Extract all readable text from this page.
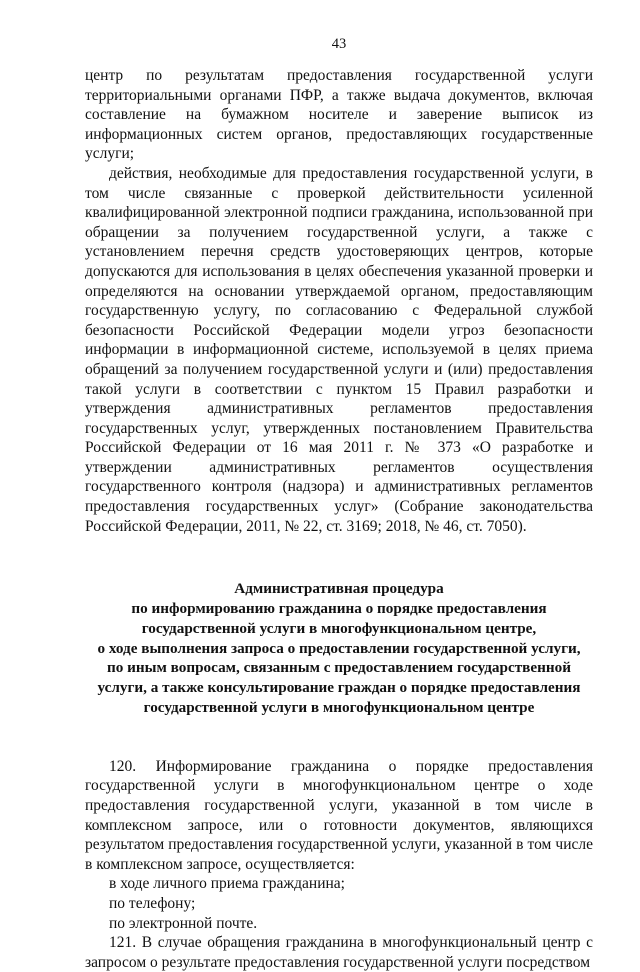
43

центр по результатам предоставления государственной услуги территориальными органами ПФР, а также выдача документов, включая составление на бумажном носителе и заверение выписок из информационных систем органов, предоставляющих государственные услуги;

действия, необходимые для предоставления государственной услуги, в том числе связанные с проверкой действительности усиленной квалифицированной электронной подписи гражданина, использованной при обращении за получением государственной услуги, а также с установлением перечня средств удостоверяющих центров, которые допускаются для использования в целях обеспечения указанной проверки и определяются на основании утверждаемой органом, предоставляющим государственную услугу, по согласованию с Федеральной службой безопасности Российской Федерации модели угроз безопасности информации в информационной системе, используемой в целях приема обращений за получением государственной услуги и (или) предоставления такой услуги в соответствии с пунктом 15 Правил разработки и утверждения административных регламентов предоставления государственных услуг, утвержденных постановлением Правительства Российской Федерации от 16 мая 2011 г. № 373 «О разработке и утверждении административных регламентов осуществления государственного контроля (надзора) и административных регламентов предоставления государственных услуг» (Собрание законодательства Российской Федерации, 2011, № 22, ст. 3169; 2018, № 46, ст. 7050).

Административная процедура

по информированию гражданина о порядке предоставления

государственной услуги в многофункциональном центре,

о ходе выполнения запроса о предоставлении государственной услуги,

по иным вопросам, связанным с предоставлением государственной

услуги, а также консультирование граждан о порядке предоставления

государственной услуги в многофункциональном центре

120. Информирование гражданина о порядке предоставления государственной услуги в многофункциональном центре о ходе предоставления государственной услуги, указанной в том числе в комплексном запросе, или о готовности документов, являющихся результатом предоставления государственной услуги, указанной в том числе в комплексном запросе, осуществляется:

в ходе личного приема гражданина;

по телефону;

по электронной почте.

121. В случае обращения гражданина в многофункциональный центр с запросом о результате предоставления государственной услуги посредством
